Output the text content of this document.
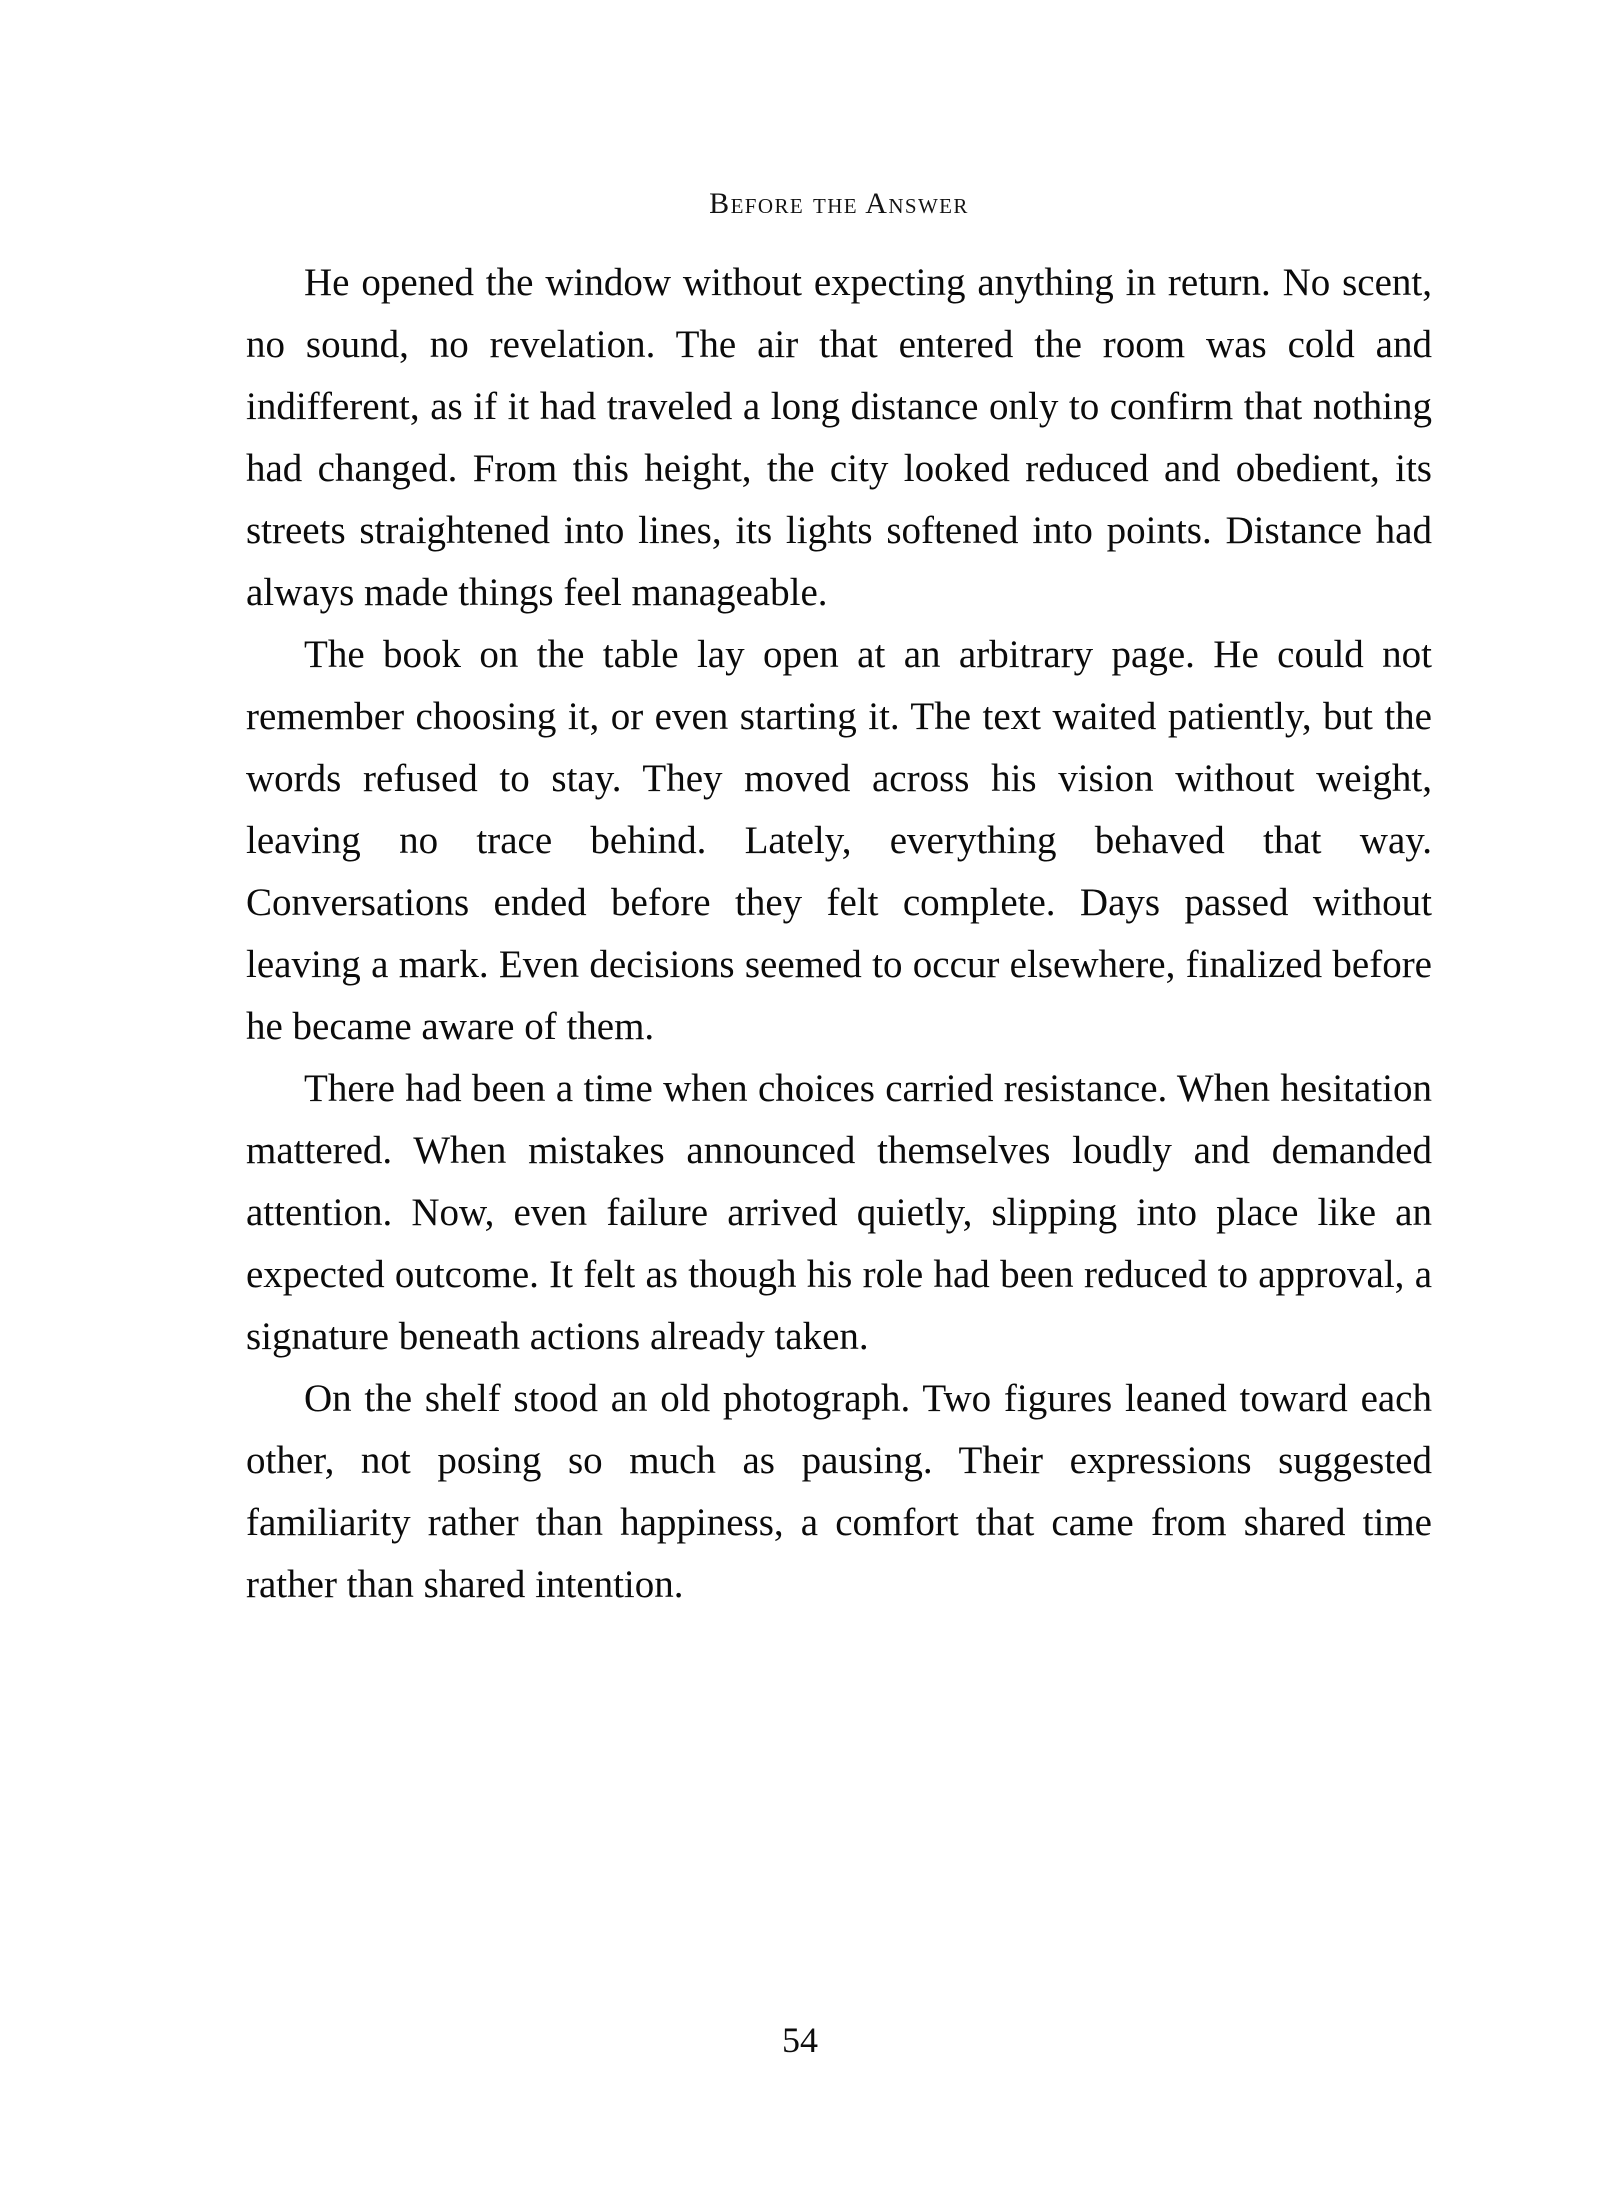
Before the Answer

He opened the window without expecting anything in return. No scent, no sound, no revelation. The air that entered the room was cold and indifferent, as if it had traveled a long distance only to confirm that nothing had changed. From this height, the city looked reduced and obedient, its streets straightened into lines, its lights softened into points. Distance had always made things feel manageable.

The book on the table lay open at an arbitrary page. He could not remember choosing it, or even starting it. The text waited patiently, but the words refused to stay. They moved across his vision without weight, leaving no trace behind. Lately, everything behaved that way. Conversations ended before they felt complete. Days passed without leaving a mark. Even decisions seemed to occur elsewhere, finalized before he became aware of them.

There had been a time when choices carried resistance. When hesitation mattered. When mistakes announced themselves loudly and demanded attention. Now, even failure arrived quietly, slipping into place like an expected outcome. It felt as though his role had been reduced to approval, a signature beneath actions already taken.

On the shelf stood an old photograph. Two figures leaned toward each other, not posing so much as pausing. Their expressions suggested familiarity rather than happiness, a comfort that came from shared time rather than shared intention.

54
